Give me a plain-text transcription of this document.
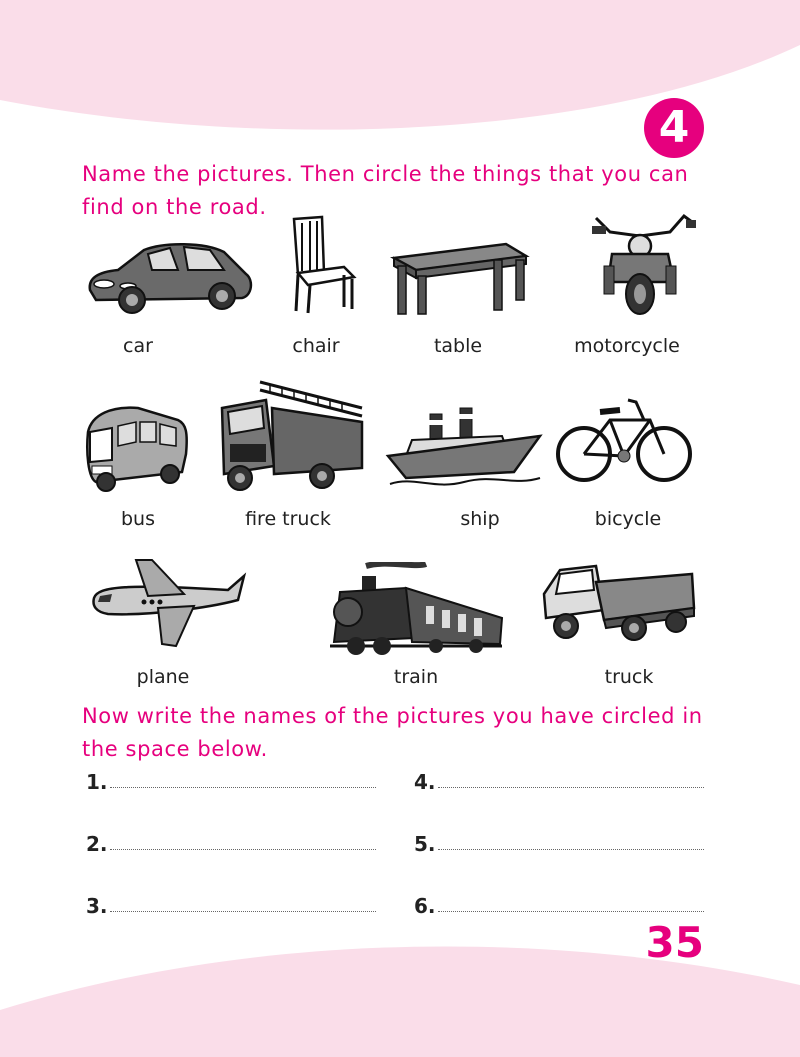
4

Name the pictures. Then circle the things that you can

find on the road.

car	chair	table	motorcycle
bus	fire truck	ship	bicycle
plane	train	truck

Now write the names of the pictures you have circled in

the space below.

1.
2.
3.
4.
5.
6.
35
